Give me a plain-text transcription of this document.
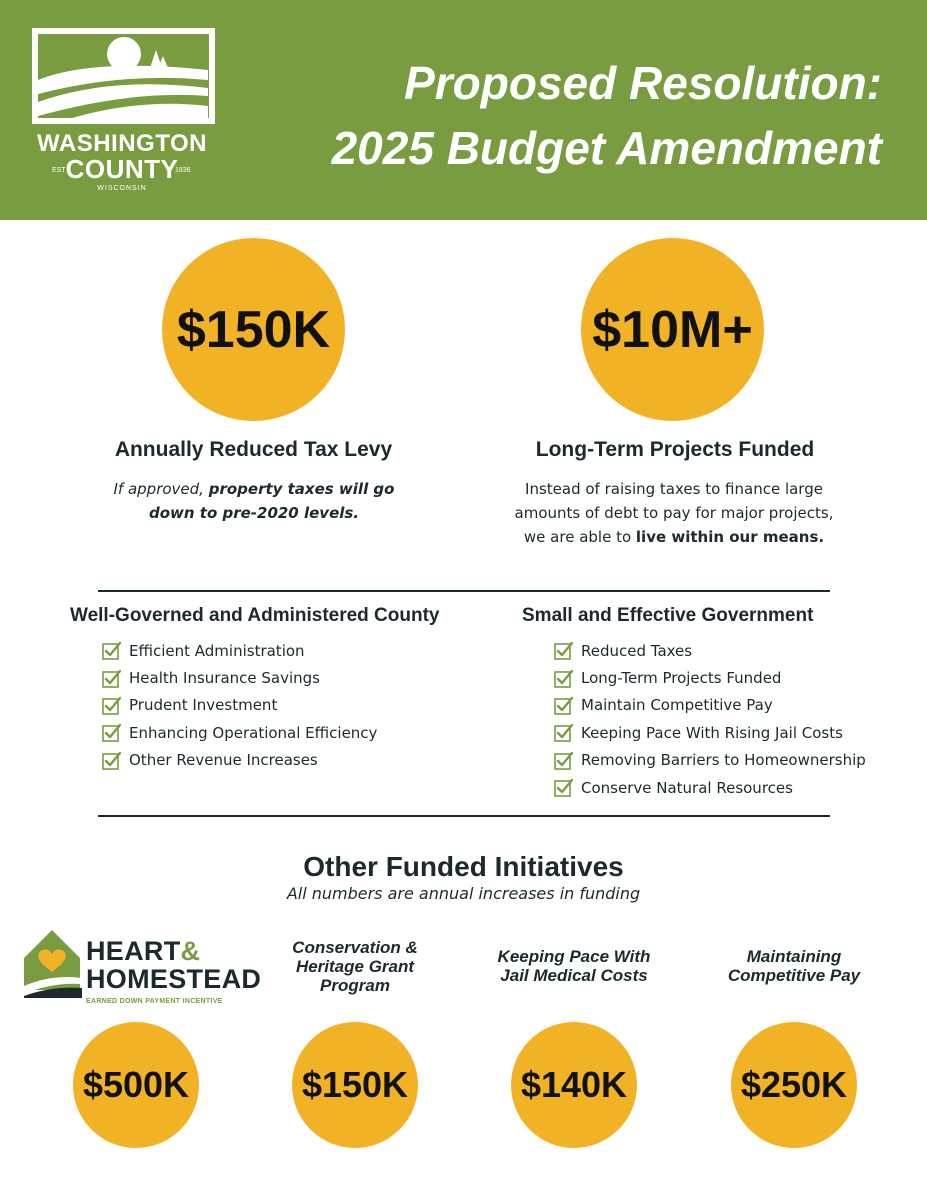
WASHINGTON
COUNTY
EST	1836
WISCONSIN
Proposed Resolution:
2025 Budget Amendment
$150K	$10M+
Annually Reduced Tax Levy	Long-Term Projects Funded
If approved, property taxes will go down to pre-2020 levels.
Instead of raising taxes to finance large amounts of debt to pay for major projects, we are able to live within our means.
Well-Governed and Administered County
Efficient Administration
Health Insurance Savings
Prudent Investment
Enhancing Operational Efficiency
Other Revenue Increases
Small and Effective Government
Reduced Taxes
Long-Term Projects Funded
Maintain Competitive Pay
Keeping Pace With Rising Jail Costs
Removing Barriers to Homeownership
Conserve Natural Resources
Other Funded Initiatives
All numbers are annual increases in funding
HEART&
HOMESTEAD
EARNED DOWN PAYMENT INCENTIVE
Conservation &
Heritage Grant
Program
Keeping Pace With
Jail Medical Costs
Maintaining
Competitive Pay
$500K	$150K	$140K	$250K
